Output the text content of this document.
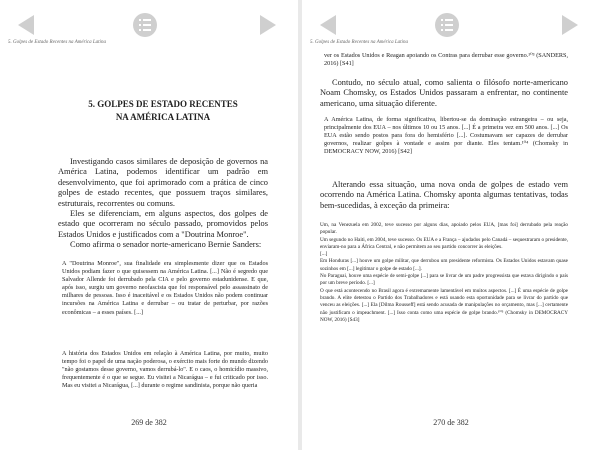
5. Golpes de Estado Recentes na América Latina
5. GOLPES DE ESTADO RECENTES
NA AMÉRICA LATINA

Investigando casos similares de deposição de governos na América Latina, podemos identificar um padrão em desenvolvimento, que foi aprimorado com a prática de cinco golpes de estado recentes, que possuem traços similares, estruturais, recorrentes ou comuns.

Eles se diferenciam, em alguns aspectos, dos golpes de estado que ocorreram no século passado, promovidos pelos Estados Unidos e justificados com a "Doutrina Monroe".

Como afirma o senador norte-americano Bernie Sanders:

A "Doutrina Monroe", sua finalidade era simplesmente dizer que os Estados Unidos podiam fazer o que quisessem na América Latina. [...] Não é segredo que Salvador Allende foi derrubado pela CIA e pelo governo estadunidense. E que, após isso, surgiu um governo neofascista que foi responsável pelo assassinato de milhares de pessoas. Isso é inaceitável e os Estados Unidos não podem continuar incursões na América Latina e derrubar – ou tratar de perturbar, por razões econômicas – a esses países. [...]

A história dos Estados Unidos em relação à América Latina, por muito, muito tempo foi o papel de uma nação poderosa, o exército mais forte do mundo dizendo "não gostamos desse governo, vamos derrubá-lo". E o caos, o homicídio massivo, frequentemente é o que se segue. Eu visitei a Nicarágua – e fui criticado por isso. Mas eu visitei a Nicarágua, [...] durante o regime sandinista, porque não queria

269 de 382
5. Golpes de Estado Recentes na América Latina

ver os Estados Unidos e Reagan apoiando os Contras para derrubar esse governo.¹⁰³ (SANDERS, 2016) [S41]

Contudo, no século atual, como salienta o filósofo norte-americano Noam Chomsky, os Estados Unidos passaram a enfrentar, no continente americano, uma situação diferente.

A América Latina, de forma significativa, libertou-se da dominação estrangeira – ou seja, principalmente dos EUA – nos últimos 10 ou 15 anos. [...] É a primeira vez em 500 anos. [...] Os EUA estão sendo postos para fora do hemisfério [...]. Costumavam ser capazes de derrubar governos, realizar golpes à vontade e assim por diante. Eles tentam.¹⁰⁴ (Chomsky in DEMOCRACY NOW, 2016) [S42]

Alterando essa situação, uma nova onda de golpes de estado vem ocorrendo na América Latina. Chomsky aponta algumas tentativas, todas bem-sucedidas, à exceção da primeira:

Um, na Venezuela em 2002, teve sucesso por alguns dias, apoiado pelos EUA, [mas foi] derrubado pela reação popular.

Um segundo no Haiti, em 2004, teve sucesso. Os EUA e a França – ajudados pelo Canadá – sequestraram o presidente, enviaram-no para a África Central, e não permitem ao seu partido concorrer às eleições.

[...]

Em Honduras [...] houve um golpe militar, que derrubou um presidente reformista. Os Estados Unidos estavam quase sozinhos em [...] legitimar o golpe de estado [...].

No Paraguai, houve uma espécie de semi-golpe [...] para se livrar de um padre progressista que estava dirigindo o país por um breve período. [...]

O que está acontecendo no Brasil agora é extremamente lamentável em muitos aspectos. [...] É uma espécie de golpe brando. A elite detestou o Partido dos Trabalhadores e está usando esta oportunidade para se livrar do partido que venceu as eleições. [...] Ela [Dilma Rousseff] está sendo acusada de manipulações no orçamento, mas [...] certamente não justificam o impeachment. [...] Isso conta como uma espécie de golpe brando.¹⁰⁵ (Chomsky in DEMOCRACY NOW, 2016) [S43]

270 de 382
